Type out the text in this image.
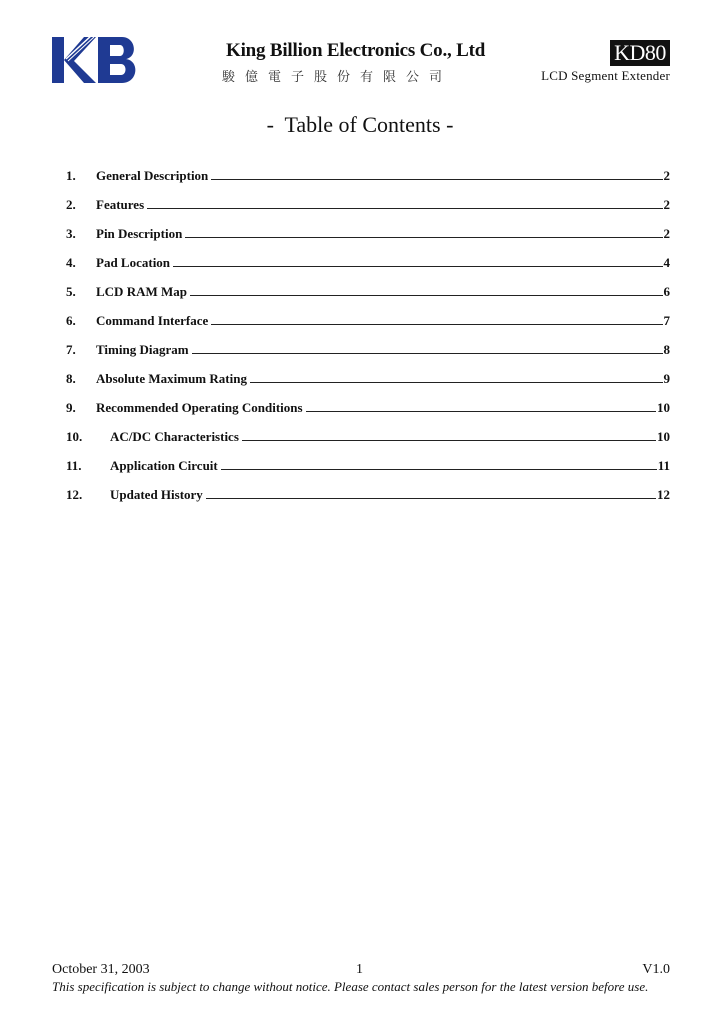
KB
King Billion Electronics Co., Ltd
駿億電子股份有限公司
KD80
LCD Segment Extender
-  Table of Contents -
1.	General Description	2
2.	Features	2
3.	Pin Description	2
4.	Pad Location	4
5.	LCD RAM Map	6
6.	Command Interface	7
7.	Timing Diagram	8
8.	Absolute Maximum Rating	9
9.	Recommended Operating Conditions	10
10.	AC/DC Characteristics	10
11.	Application Circuit	11
12.	Updated History	12
October 31, 2003	1	V1.0
This specification is subject to change without notice. Please contact sales person for the latest version before use.
